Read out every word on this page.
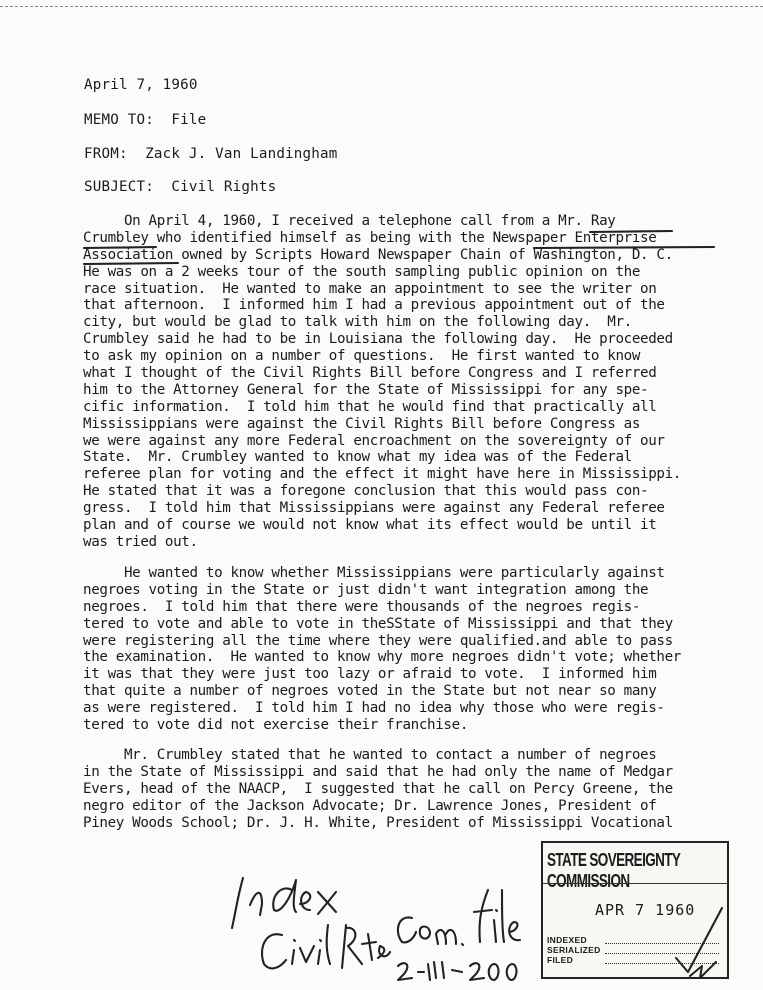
April 7, 1960
MEMO TO:  File
FROM:  Zack J. Van Landingham
SUBJECT:  Civil Rights
On April 4, 1960, I received a telephone call from a Mr. Ray
Crumbley who identified himself as being with the Newspaper Enterprise
Association owned by Scripts Howard Newspaper Chain of Washington, D. C.
He was on a 2 weeks tour of the south sampling public opinion on the
race situation.  He wanted to make an appointment to see the writer on
that afternoon.  I informed him I had a previous appointment out of the
city, but would be glad to talk with him on the following day.  Mr.
Crumbley said he had to be in Louisiana the following day.  He proceeded
to ask my opinion on a number of questions.  He first wanted to know
what I thought of the Civil Rights Bill before Congress and I referred
him to the Attorney General for the State of Mississippi for any spe-
cific information.  I told him that he would find that practically all
Mississippians were against the Civil Rights Bill before Congress as
we were against any more Federal encroachment on the sovereignty of our
State.  Mr. Crumbley wanted to know what my idea was of the Federal
referee plan for voting and the effect it might have here in Mississippi.
He stated that it was a foregone conclusion that this would pass con-
gress.  I told him that Mississippians were against any Federal referee
plan and of course we would not know what its effect would be until it
was tried out.
He wanted to know whether Mississippians were particularly against
negroes voting in the State or just didn't want integration among the
negroes.  I told him that there were thousands of the negroes regis-
tered to vote and able to vote in theSState of Mississippi and that they
were registering all the time where they were qualified.and able to pass
the examination.  He wanted to know why more negroes didn't vote; whether
it was that they were just too lazy or afraid to vote.  I informed him
that quite a number of negroes voted in the State but not near so many
as were registered.  I told him I had no idea why those who were regis-
tered to vote did not exercise their franchise.
Mr. Crumbley stated that he wanted to contact a number of negroes
in the State of Mississippi and said that he had only the name of Medgar
Evers, head of the NAACP,  I suggested that he call on Percy Greene, the
negro editor of the Jackson Advocate; Dr. Lawrence Jones, President of
Piney Woods School; Dr. J. H. White, President of Mississippi Vocational
STATE SOVEREIGNTY COMMISSION
APR 7 1960
INDEXED
SERIALIZED
FILED
